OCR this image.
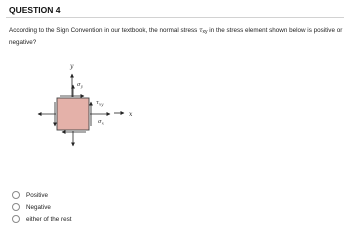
QUESTION 4
According to the Sign Convention in our textbook, the normal stress $\tau_{xy}$ in the stress element shown below is positive or negative?
y
x
$\sigma_y$
$\tau_{xy}$
$\sigma_x$
Positive
Negative
either of the rest
